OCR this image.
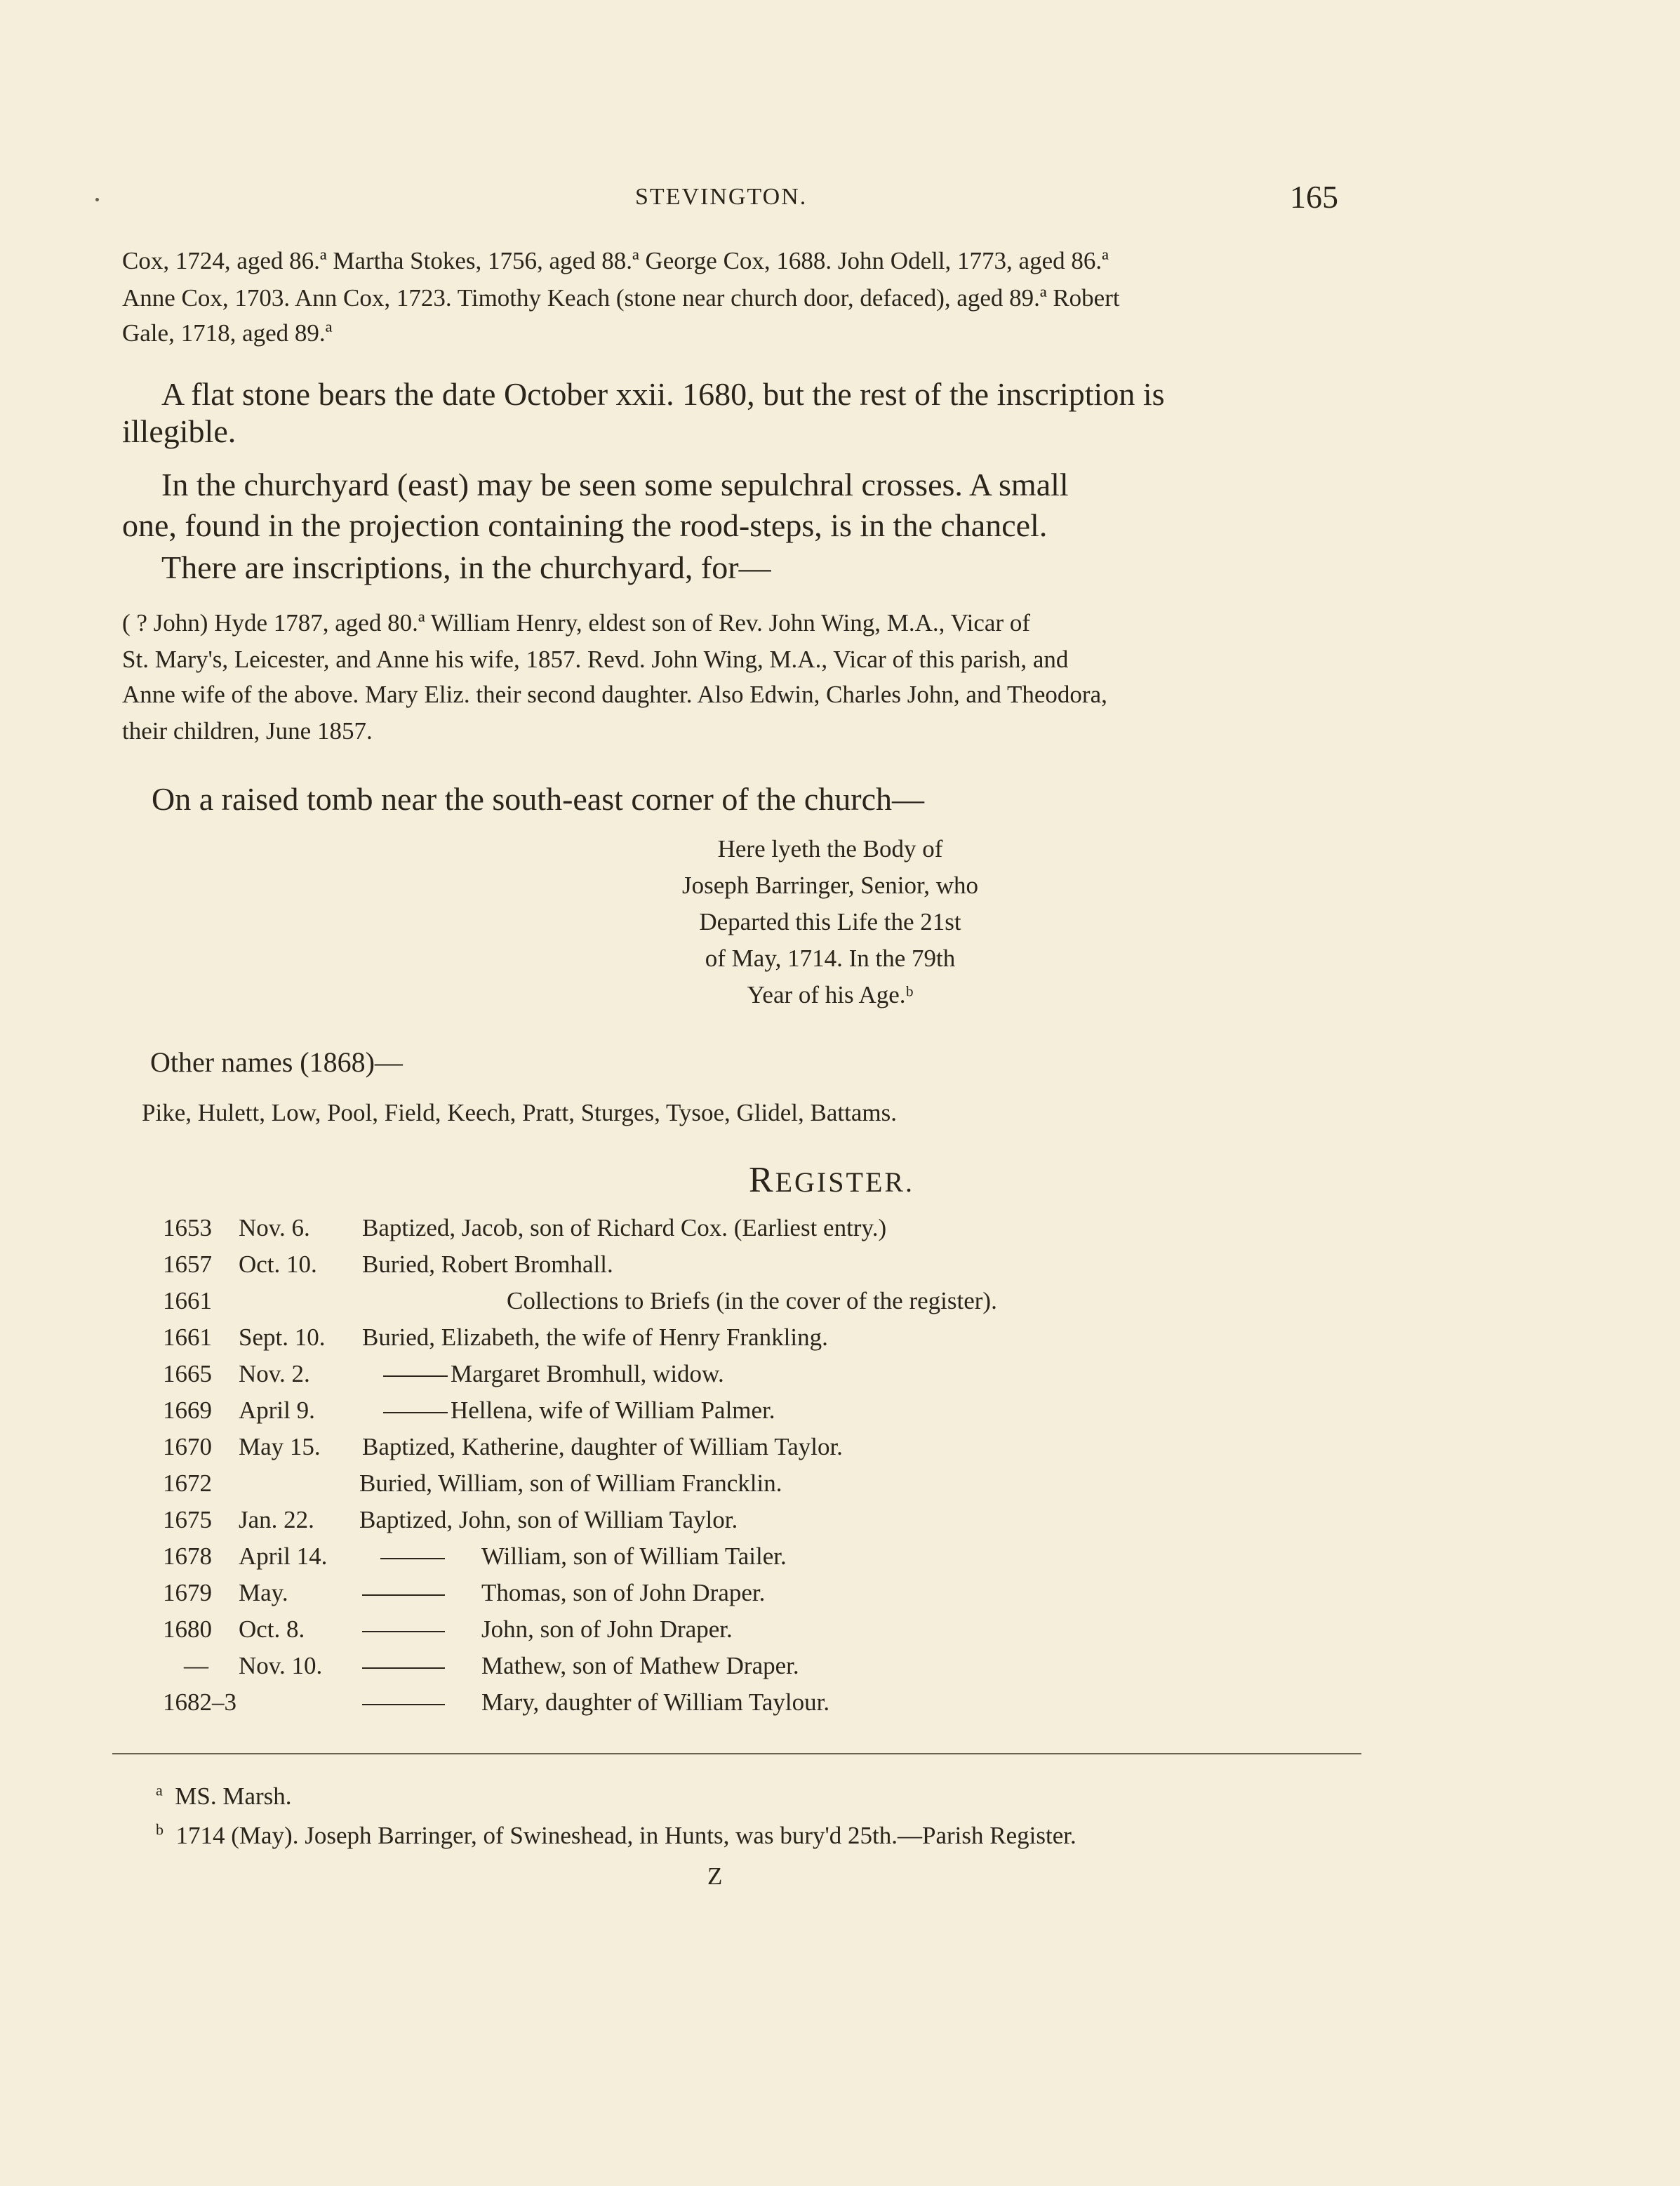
STEVINGTON.	165
Cox, 1724, aged 86.ª Martha Stokes, 1756, aged 88.ª George Cox, 1688. John Odell, 1773, aged 86.ª
Anne Cox, 1703. Ann Cox, 1723. Timothy Keach (stone near church door, defaced), aged 89.ª Robert
Gale, 1718, aged 89.ª
A flat stone bears the date October xxii. 1680, but the rest of the inscription is
illegible.
In the churchyard (east) may be seen some sepulchral crosses. A small
one, found in the projection containing the rood-steps, is in the chancel.
There are inscriptions, in the churchyard, for—
( ? John) Hyde 1787, aged 80.ª William Henry, eldest son of Rev. John Wing, M.A., Vicar of
St. Mary's, Leicester, and Anne his wife, 1857. Revd. John Wing, M.A., Vicar of this parish, and
Anne wife of the above. Mary Eliz. their second daughter. Also Edwin, Charles John, and Theodora,
their children, June 1857.
On a raised tomb near the south-east corner of the church—
Here lyeth the Body of
Joseph Barringer, Senior, who
Departed this Life the 21st
of May, 1714. In the 79th
Year of his Age.ᵇ
Other names (1868)—
Pike, Hulett, Low, Pool, Field, Keech, Pratt, Sturges, Tysoe, Glidel, Battams.
REGISTER.
1653 Nov. 6. Baptized, Jacob, son of Richard Cox. (Earliest entry.)
1657 Oct. 10. Buried, Robert Bromhall.
1661	Collections to Briefs (in the cover of the register).
1661 Sept. 10. Buried, Elizabeth, the wife of Henry Frankling.
1665 Nov. 2.	Margaret Bromhull, widow.
1669 April 9.	Hellena, wife of William Palmer.
1670 May 15. Baptized, Katherine, daughter of William Taylor.
1672	Buried, William, son of William Francklin.
1675 Jan. 22. Baptized, John, son of William Taylor.
1678 April 14.	William, son of William Tailer.
1679 May.	Thomas, son of John Draper.
1680 Oct. 8.	John, son of John Draper.
— Nov. 10.	Mathew, son of Mathew Draper.
1682–3	Mary, daughter of William Taylour.
$^a$ MS. Marsh.
$^b$ 1714 (May). Joseph Barringer, of Swineshead, in Hunts, was bury'd 25th.—Parish Register.
Z
